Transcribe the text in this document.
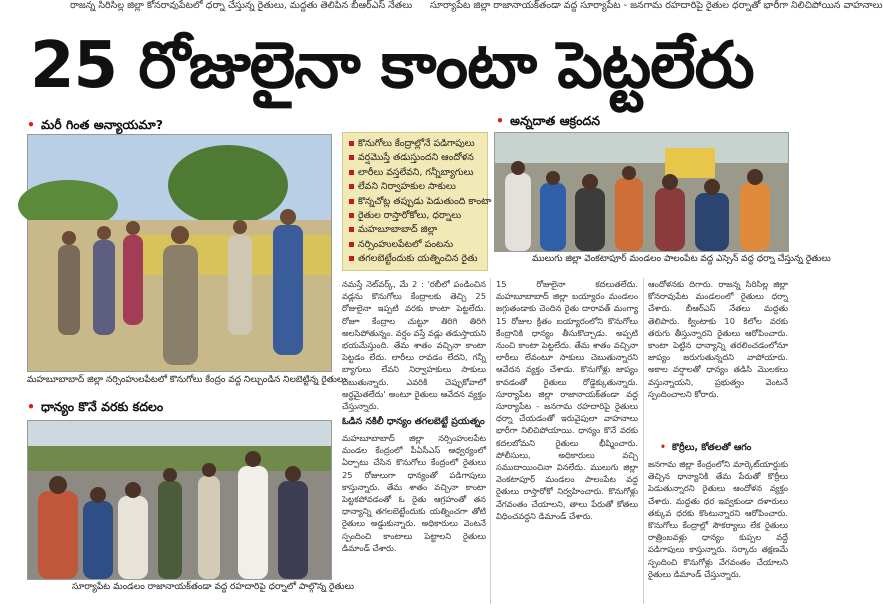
రాజన్న సిరిసిల్ల జిల్లా కోనరావుపేటలో ధర్నా చేస్తున్న రైతులు, మద్దతు తెలిపిన బీఆర్ఎస్ నేతలు సూర్యాపేట జిల్లా రాజానాయక్‌తండా వద్ద సూర్యాపేట - జనగామ రహదారిపై రైతుల ధర్నాతో భారీగా నిలిచిపోయిన వాహనాలు
25 రోజులైనా కాంటా పెట్టలేరు
• మరీ గింత అన్యాయమా?
మహబూబాబాద్ జిల్లా నర్సింహులపేటలో కొనుగోలు కేంద్రం వద్ద నిల్చుండిన నిలబెట్టిన్న రైతులు
• ధాన్యం కొనే వరకు కదలం
సూర్యాపేట మండలం రాజానాయక్‌తండా వద్ద రహదారిపై ధర్నాలో పాల్గొన్న రైతులు
కొనుగోలు కేంద్రాల్లోనే పడిగాపులు
వర్షమొస్తే తడుస్తుందని ఆందోళన
లారీలు వస్తలేవని, గన్నీబ్యాగులు
లేవని నిర్వాహకుల సాకులు
కొన్నచోట్ల తప్పుడు పెడుతుంది కాంటా
రైతుల రాస్తారోకోలు, ధర్నాలు
మహబూబాబాద్ జిల్లా
నర్సింహులపేటలో పంటను
తగలబెట్టేందుకు యత్నించిన రైతు

నమస్తే నెట్‌వర్క్, మే 2 : 'రబీలో పండించిన వడ్లను కొనుగోలు కేంద్రాలకు తెచ్చి 25 రోజులైనా ఇప్పటి వరకు కాంటా పెట్టలేదు. రోజూ కేంద్రాల చుట్టూ తిరిగి తిరిగి అలసిపోతున్నం. వర్షం వస్తే వడ్లు తడుస్తాయని భయమేస్తుంది. తేమ శాతం వచ్చినా కాంటా పెట్టడం లేదు. లారీలు రావడం లేదని, గన్నీ బ్యాగులు లేవని నిర్వాహకులు సాకులు చెబుతున్నారు. ఎవరికి చెప్పుకోవాలో అర్థమైతలేదు' అంటూ రైతులు ఆవేదన వ్యక్తం చేస్తున్నారు.

ఓడిన నకిలీ ధాన్యం తగలబెట్టే ప్రయత్నం

మహబూబాబాద్ జిల్లా నర్సింహులపేట మండల కేంద్రంలో పీఏసీఎస్ ఆధ్వర్యంలో ఏర్పాటు చేసిన కొనుగోలు కేంద్రంలో రైతులు 25 రోజులుగా ధాన్యంతో పడిగాపులు కాస్తున్నారు. తేమ శాతం వచ్చినా కాంటా పెట్టకపోవడంతో ఓ రైతు ఆగ్రహంతో తన ధాన్యాన్ని తగలబెట్టేందుకు యత్నించగా తోటి రైతులు అడ్డుకున్నారు. అధికారులు వెంటనే స్పందించి కాంటాలు పెట్టాలని రైతులు డిమాండ్ చేశారు.

• అన్నదాత ఆక్రందన
ములుగు జిల్లా వెంకటాపూర్ మండలం పాలంపేట వద్ద ఎస్సెన్ వద్ద ధర్నా చేస్తున్న రైతులు

15 రోజులైనా కదలుతలేదు. మహబూబాబాద్ జిల్లా బయ్యారం మండలం జగ్గుతండాకు చెందిన రైతు దారావత్ మంగ్యా 15 రోజుల క్రితం బయ్యారంలోని కొనుగోలు కేంద్రానికి ధాన్యం తీసుకొచ్చాడు. అప్పటి నుంచి కాంటా పెట్టలేదు. తేమ శాతం వచ్చినా లారీలు లేవంటూ సాకులు చెబుతున్నారని ఆవేదన వ్యక్తం చేశాడు. కొనుగోళ్లు జాప్యం కావడంతో రైతులు రోడ్డెక్కుతున్నారు. సూర్యాపేట జిల్లా రాజానాయక్‌తండా వద్ద సూర్యాపేట - జనగామ రహదారిపై రైతులు ధర్నా చేయడంతో ఇరువైపులా వాహనాలు భారీగా నిలిచిపోయాయి. ధాన్యం కొనే వరకు కదలబోమని రైతులు భీష్మించారు. పోలీసులు, అధికారులు వచ్చి సముదాయించినా వినలేదు. ములుగు జిల్లా వెంకటాపూర్ మండలం పాలంపేట వద్ద రైతులు రాస్తారోకో నిర్వహించారు. కొనుగోళ్లు వేగవంతం చేయాలని, తాలు పేరుతో కోతలు విధించవద్దని డిమాండ్ చేశారు.

ఆందోళనకు దిగారు. రాజన్న సిరిసిల్ల జిల్లా కోనరావుపేట మండలంలో రైతులు ధర్నా చేశారు. బీఆర్ఎస్ నేతలు మద్దతు తెలిపారు. క్వింటాకు 10 కిలోల వరకు తరుగు తీస్తున్నారని రైతులు ఆరోపించారు. కాంటా పెట్టిన ధాన్యాన్ని తరలించడంలోనూ జాప్యం జరుగుతున్నదని వాపోయారు. అకాల వర్షాలతో ధాన్యం తడిసి మొలకలు వస్తున్నాయని, ప్రభుత్వం వెంటనే స్పందించాలని కోరారు.

• కొర్రీలు, కోతలతో ఆగం

జనగామ జిల్లా కేంద్రంలోని మార్కెట్‌యార్డుకు తెచ్చిన ధాన్యానికి తేమ పేరుతో కొర్రీలు పెడుతున్నారని రైతులు ఆందోళన వ్యక్తం చేశారు. మద్దతు ధర ఇవ్వకుండా దళారులు తక్కువ ధరకు కొంటున్నారని ఆరోపించారు. కొనుగోలు కేంద్రాల్లో సౌకర్యాలు లేక రైతులు రాత్రింబవళ్లు ధాన్యం కుప్పల వద్దే పడిగాపులు కాస్తున్నారు. సర్కారు తక్షణమే స్పందించి కొనుగోళ్లు వేగవంతం చేయాలని రైతులు డిమాండ్ చేస్తున్నారు.
